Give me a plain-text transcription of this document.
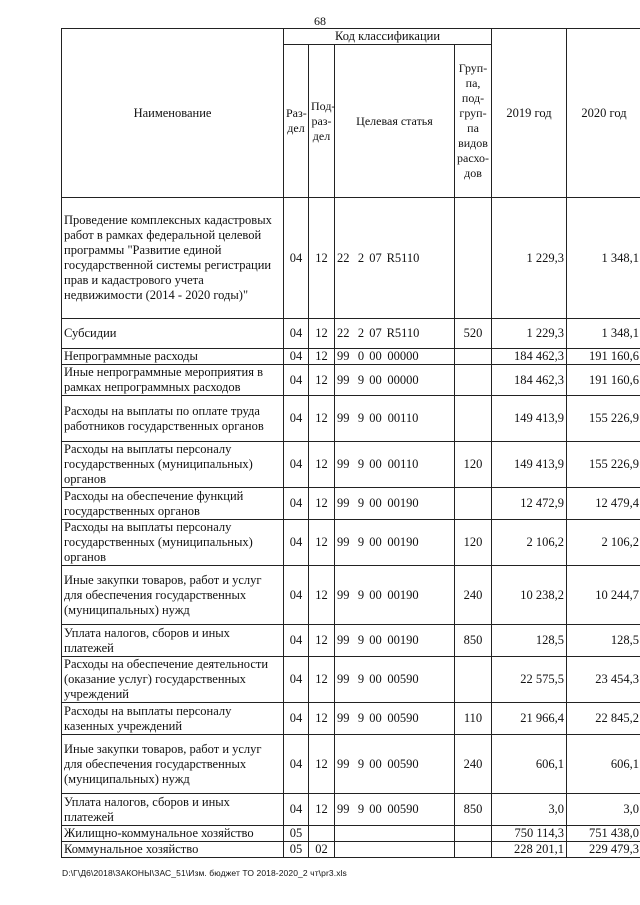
68
Наименование	Код классификации				2019 год	2020 год
	Раз-дел	Под-раз-дел	Целевая статья	Груп-па, под-груп-па видов расхо-дов		
Проведение комплексных кадастровых работ в рамках федеральной целевой программы "Развитие единой государственной системы регистрации прав и кадастрового учета недвижимости (2014 - 2020 годы)"	04	12	22 2 07 R5110		1 229,3	1 348,1
Субсидии	04	12	22 2 07 R5110	520	1 229,3	1 348,1
Непрограммные расходы	04	12	99 0 00 00000		184 462,3	191 160,6
Иные непрограммные мероприятия в рамках непрограммных расходов	04	12	99 9 00 00000		184 462,3	191 160,6
Расходы на выплаты по оплате труда работников государственных органов	04	12	99 9 00 00110		149 413,9	155 226,9
Расходы на выплаты персоналу государственных (муниципальных) органов	04	12	99 9 00 00110	120	149 413,9	155 226,9
Расходы на обеспечение функций государственных органов	04	12	99 9 00 00190		12 472,9	12 479,4
Расходы на выплаты персоналу государственных (муниципальных) органов	04	12	99 9 00 00190	120	2 106,2	2 106,2
Иные закупки товаров, работ и услуг для обеспечения государственных (муниципальных) нужд	04	12	99 9 00 00190	240	10 238,2	10 244,7
Уплата налогов, сборов и иных платежей	04	12	99 9 00 00190	850	128,5	128,5
Расходы на обеспечение деятельности (оказание услуг) государственных учреждений	04	12	99 9 00 00590		22 575,5	23 454,3
Расходы на выплаты персоналу казенных учреждений	04	12	99 9 00 00590	110	21 966,4	22 845,2
Иные закупки товаров, работ и услуг для обеспечения государственных (муниципальных) нужд	04	12	99 9 00 00590	240	606,1	606,1
Уплата налогов, сборов и иных платежей	04	12	99 9 00 00590	850	3,0	3,0
Жилищно-коммунальное хозяйство	05				750 114,3	751 438,0
Коммунальное хозяйство	05	02			228 201,1	229 479,3
D:\Г\Д6\2018\ЗАКОНЫ\ЗАС_51\Изм. бюджет ТО 2018-2020_2 чт\pr3.xls
